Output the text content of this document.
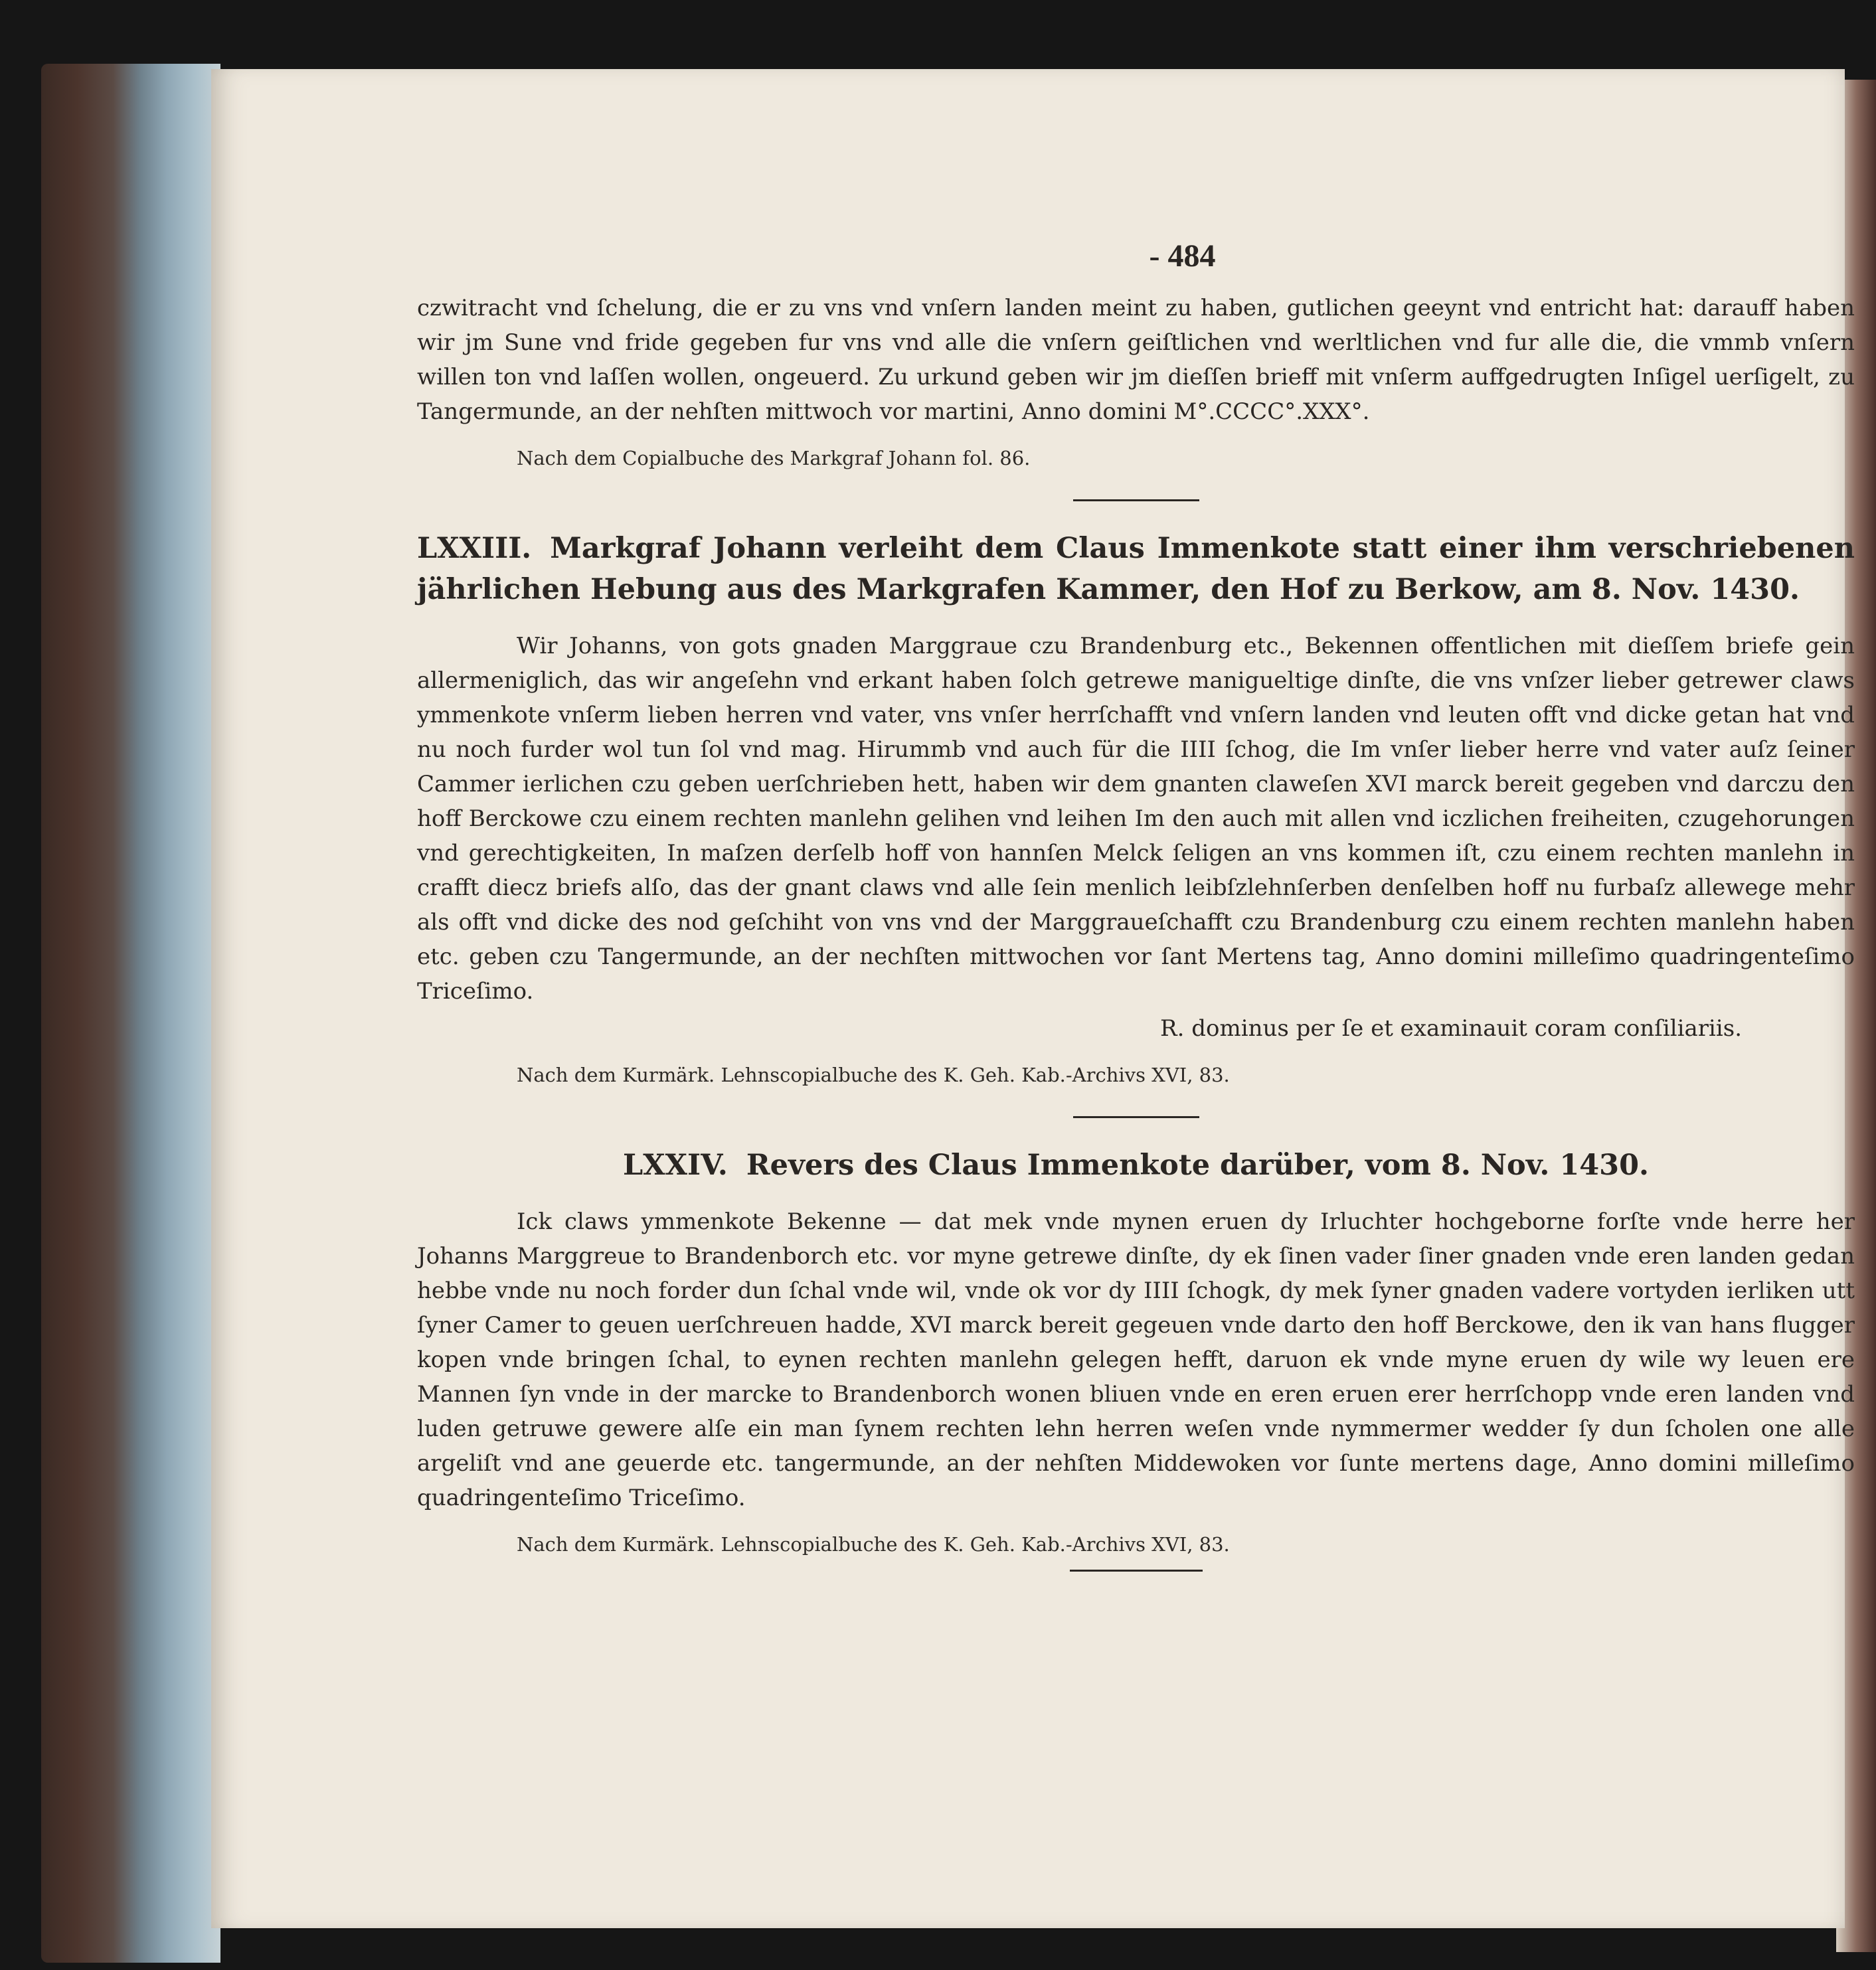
- 484

czwitracht vnd ſchelung, die er zu vns vnd vnſern landen meint zu haben, gutlichen geeynt vnd entricht hat: darauff haben wir jm Sune vnd fride gegeben fur vns vnd alle die vnſern geiſtlichen vnd werltlichen vnd fur alle die, die vmmb vnſern willen ton vnd laſſen wollen, ongeuerd. Zu urkund geben wir jm dieſſen brieff mit vnſerm auffgedrugten Inſigel uerſigelt, zu Tangermunde, an der nehſten mittwoch vor martini, Anno domini M°.CCCC°.XXX°.

Nach dem Copialbuche des Markgraf Johann fol. 86.

LXXIII. Markgraf Johann verleiht dem Claus Immenkote statt einer ihm verschriebenen jährlichen Hebung aus des Markgrafen Kammer, den Hof zu Berkow, am 8. Nov. 1430.

Wir Johanns, von gots gnaden Marggraue czu Brandenburg etc., Bekennen offentlichen mit dieſſem briefe gein allermeniglich, das wir angeſehn vnd erkant haben ſolch getrewe manigueltige dinſte, die vns vnſzer lieber getrewer claws ymmenkote vnſerm lieben herren vnd vater, vns vnſer herrſchafft vnd vnſern landen vnd leuten offt vnd dicke getan hat vnd nu noch furder wol tun ſol vnd mag. Hirummb vnd auch für die IIII ſchog, die Im vnſer lieber herre vnd vater auſz ſeiner Cammer ierlichen czu geben uerſchrieben hett, haben wir dem gnanten claweſen XVI marck bereit gegeben vnd darczu den hoff Berckowe czu einem rechten manlehn gelihen vnd leihen Im den auch mit allen vnd iczlichen freiheiten, czugehorungen vnd gerechtigkeiten, In maſzen derſelb hoff von hannſen Melck ſeligen an vns kommen iſt, czu einem rechten manlehn in crafft diecz briefs alſo, das der gnant claws vnd alle ſein menlich leibſzlehnſerben denſelben hoff nu furbaſz allewege mehr als offt vnd dicke des nod geſchiht von vns vnd der Marggraueſchafft czu Brandenburg czu einem rechten manlehn haben etc. geben czu Tangermunde, an der nechſten mittwochen vor ſant Mertens tag, Anno domini milleſimo quadringenteſimo Triceſimo.

R. dominus per ſe et examinauit coram conſiliariis.

Nach dem Kurmärk. Lehnscopialbuche des K. Geh. Kab.-Archivs XVI, 83.

LXXIV. Revers des Claus Immenkote darüber, vom 8. Nov. 1430.

Ick claws ymmenkote Bekenne — dat mek vnde mynen eruen dy Irluchter hochgeborne forſte vnde herre her Johanns Marggreue to Brandenborch etc. vor myne getrewe dinſte, dy ek ſinen vader ſiner gnaden vnde eren landen gedan hebbe vnde nu noch forder dun ſchal vnde wil, vnde ok vor dy IIII ſchogk, dy mek ſyner gnaden vadere vortyden ierliken utt ſyner Camer to geuen uerſchreuen hadde, XVI marck bereit gegeuen vnde darto den hoff Berckowe, den ik van hans flugger kopen vnde bringen ſchal, to eynen rechten manlehn gelegen hefft, daruon ek vnde myne eruen dy wile wy leuen ere Mannen ſyn vnde in der marcke to Brandenborch wonen bliuen vnde en eren eruen erer herrſchopp vnde eren landen vnd luden getruwe gewere alſe ein man ſynem rechten lehn herren weſen vnde nymmermer wedder ſy dun ſcholen one alle argeliſt vnd ane geuerde etc. tangermunde, an der nehſten Middewoken vor ſunte mertens dage, Anno domini milleſimo quadringenteſimo Triceſimo.

Nach dem Kurmärk. Lehnscopialbuche des K. Geh. Kab.-Archivs XVI, 83.
